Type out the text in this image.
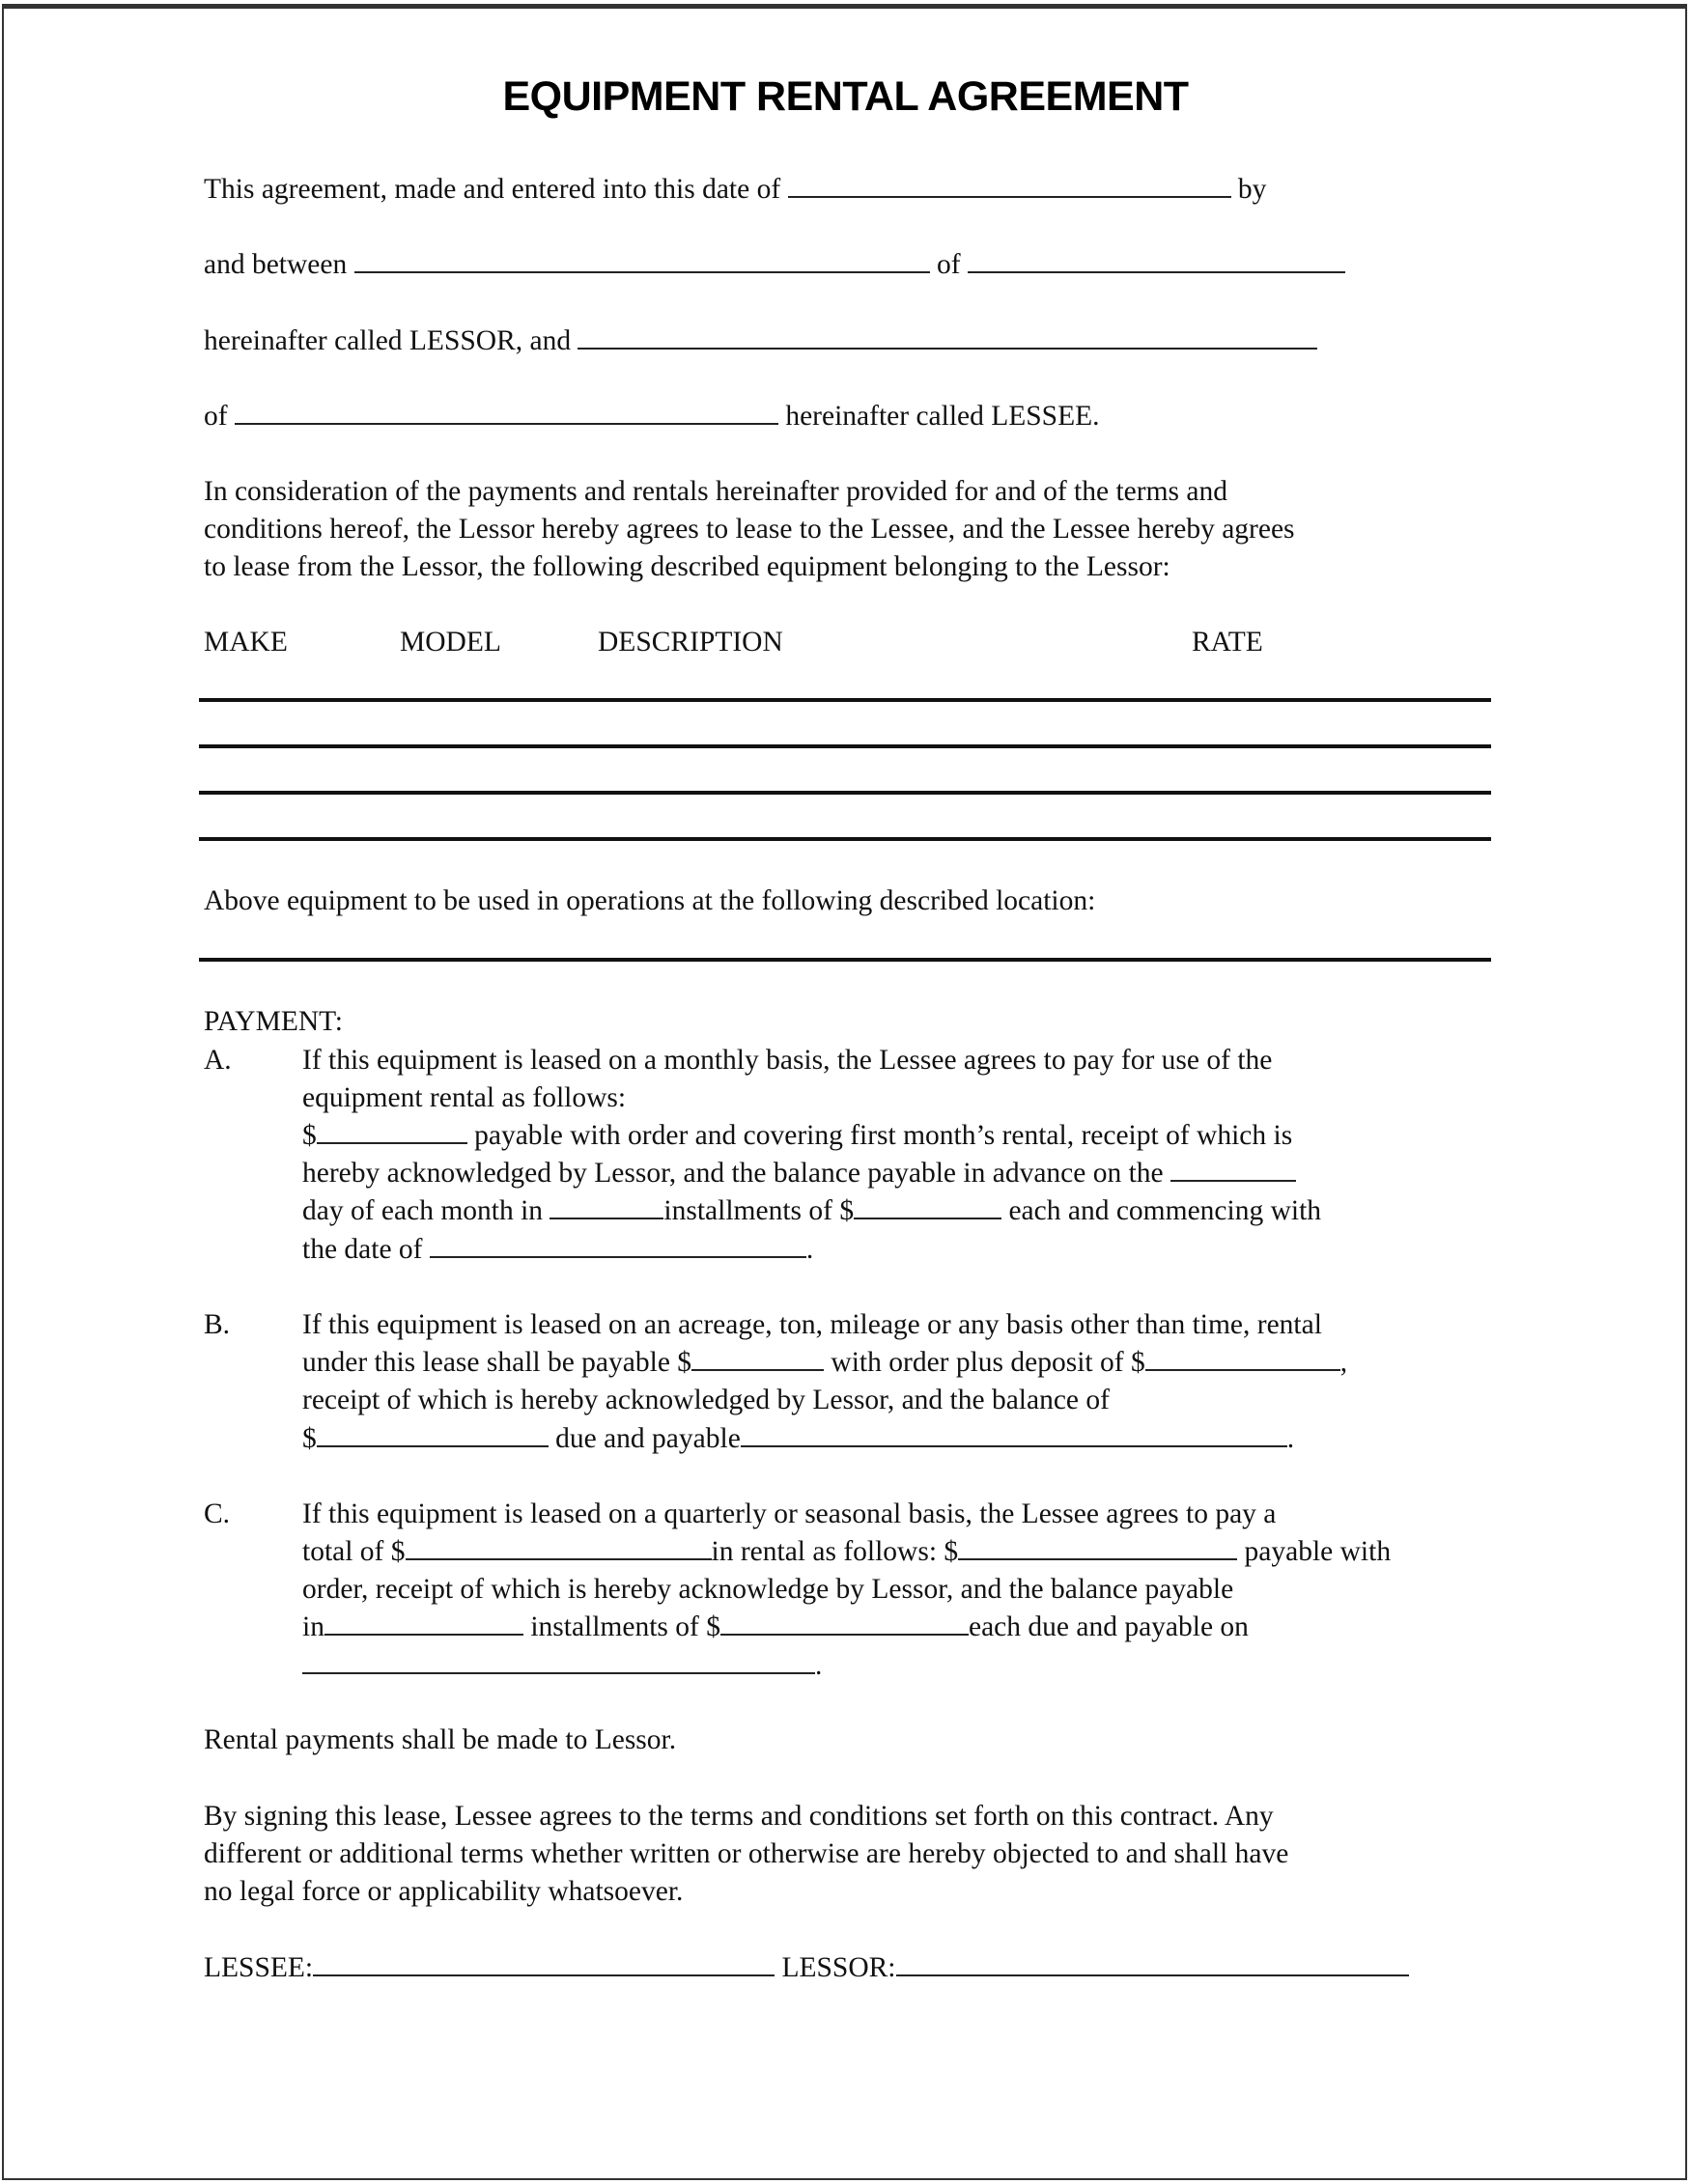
EQUIPMENT RENTAL AGREEMENT
This agreement, made and entered into this date of	by
and between	of
hereinafter called LESSOR, and
of	hereinafter called LESSEE.
In consideration of the payments and rentals hereinafter provided for and of the terms and
conditions hereof, the Lessor hereby agrees to lease to the Lessee, and the Lessee hereby agrees
to lease from the Lessor, the following described equipment belonging to the Lessor:
MAKE	MODEL	DESCRIPTION	RATE
Above equipment to be used in operations at the following described location:
PAYMENT:
A. If this equipment is leased on a monthly basis, the Lessee agrees to pay for use of the
equipment rental as follows:
$	payable with order and covering first month’s rental, receipt of which is
hereby acknowledged by Lessor, and the balance payable in advance on the
day of each month in	installments of $	each and commencing with
the date of	.
B.	If this equipment is leased on an acreage, ton, mileage or any basis other than time, rental
under this lease shall be payable $	with order plus deposit of $	,
receipt of which is hereby acknowledged by Lessor, and the balance of
$	due and payable	.
C.	If this equipment is leased on a quarterly or seasonal basis, the Lessee agrees to pay a
total of $	in rental as follows: $	payable with
order, receipt of which is hereby acknowledge by Lessor, and the balance payable
in	installments of $	each due and payable on
.
Rental payments shall be made to Lessor.
By signing this lease, Lessee agrees to the terms and conditions set forth on this contract. Any
different or additional terms whether written or otherwise are hereby objected to and shall have
no legal force or applicability whatsoever.
LESSEE:	LESSOR:
